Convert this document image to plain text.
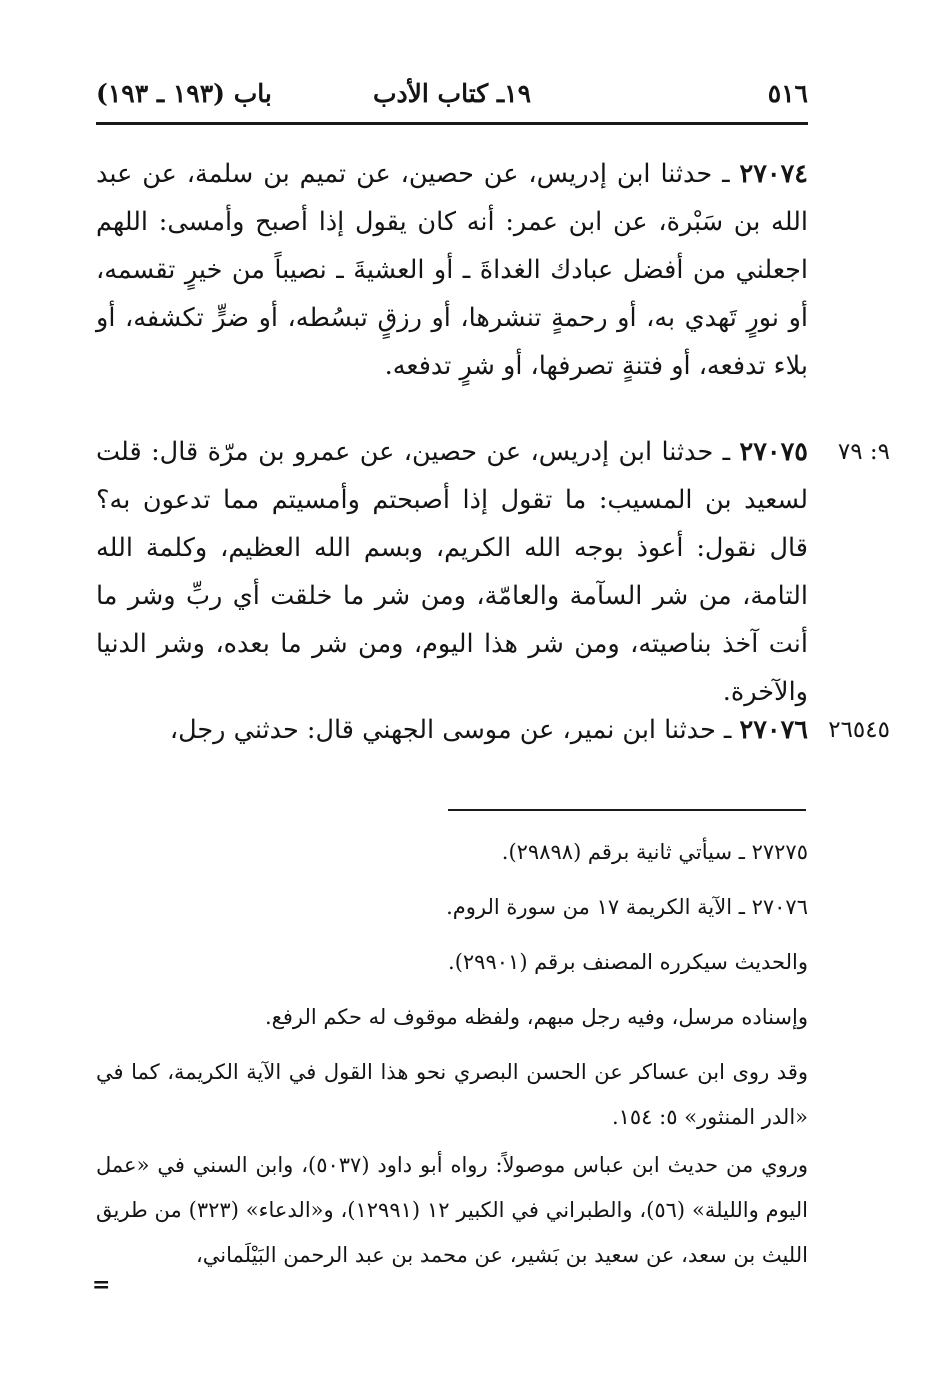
٥١٦
١٩ـ كتاب الأدب
باب (١٩٣ ـ ١٩٣)

٢٧٠٧٤ ـ حدثنا ابن إدريس، عن حصين، عن تميم بن سلمة، عن عبد الله بن سَبْرة، عن ابن عمر: أنه كان يقول إذا أصبح وأمسى: اللهم اجعلني من أفضل عبادك الغداةَ ـ أو العشيةَ ـ نصيباً من خيرٍ تقسمه، أو نورٍ تَهدي به، أو رحمةٍ تنشرها، أو رزقٍ تبسُطه، أو ضرٍّ تكشفه، أو بلاء تدفعه، أو فتنةٍ تصرفها، أو شرٍ تدفعه.

٩: ٧٩

٢٧٠٧٥ ـ حدثنا ابن إدريس، عن حصين، عن عمرو بن مرّة قال: قلت لسعيد بن المسيب: ما تقول إذا أصبحتم وأمسيتم مما تدعون به؟ قال نقول: أعوذ بوجه الله الكريم، وبسم الله العظيم، وكلمة الله التامة، من شر السآمة والعامّة، ومن شر ما خلقت أي ربِّ وشر ما أنت آخذ بناصيته، ومن شر هذا اليوم، ومن شر ما بعده، وشر الدنيا والآخرة.

٢٦٥٤٥

٢٧٠٧٦ ـ حدثنا ابن نمير، عن موسى الجهني قال: حدثني رجل،

٢٧٢٧٥ ـ سيأتي ثانية برقم (٢٩٨٩٨).

٢٧٠٧٦ ـ الآية الكريمة ١٧ من سورة الروم.

والحديث سيكرره المصنف برقم (٢٩٩٠١).

وإسناده مرسل، وفيه رجل مبهم، ولفظه موقوف له حكم الرفع.

وقد روى ابن عساكر عن الحسن البصري نحو هذا القول في الآية الكريمة، كما في «الدر المنثور» ٥: ١٥٤.

وروي من حديث ابن عباس موصولاً: رواه أبو داود (٥٠٣٧)، وابن السني في «عمل اليوم والليلة» (٥٦)، والطبراني في الكبير ١٢ (١٢٩٩١)، و«الدعاء» (٣٢٣) من طريق الليث بن سعد، عن سعيد بن بَشير، عن محمد بن عبد الرحمن البَيْلَماني،

=
